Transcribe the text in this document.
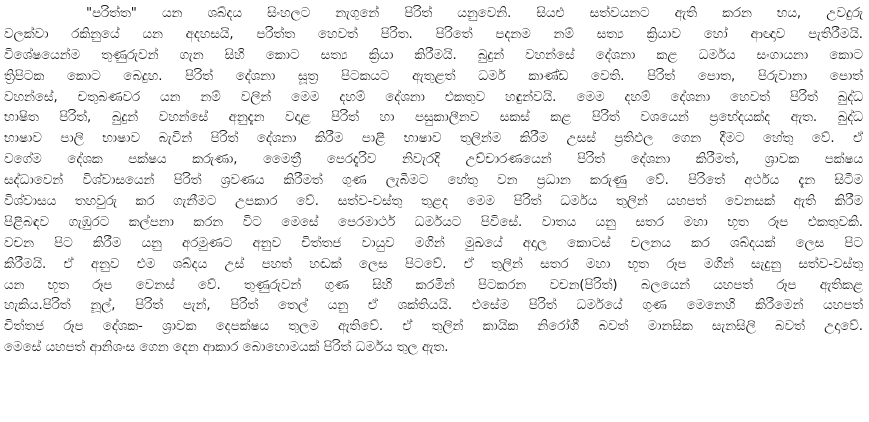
"පරිත්ත" යන ශබ්දය සිංහලට නැගුනේ පිරිත් යනුවෙනි. සියළු සත්වයනට ඇති කරන භය, උවදුරු
වලක්වා රකිනුයේ යන අදහසයි, පරිත්ත හෙවත් පිරිත. පිරිතේ පදනම නම් සත්‍ය ක්‍රියාව හෝ ආඥාව පැතිරීමයි.
විශේෂයෙන්ම තුණුරුවන් ගැන සිහි කොට සත්‍ය ක්‍රියා කිරීමයි. බුදුන් වහන්සේ දේශනා කළ ධර්මය සංගායනා කොට
ත්‍රිපිටක කොට බෙදුහ. පිරිත් දේශනා සූත්‍ර පිටකයට ඇතුළත් ධර්ම කාණ්ඩ වෙති. පිරිත් පොත, පිරුවානා පොත්
වහන්සේ, චතුබණවර යන නම් වලින් මෙම දහම් දේශනා එකතුව හඳුන්වයි. මෙම දහම් දේශනා හෙවත් පිරිත් බුද්ධ
භාෂිත පිරිත්, බුදුන් වහන්සේ අනුදැන වදාළ පිරිත් හා පසුකාලීනව සකස් කළ පිරිත් වශයෙන් ප්‍රභේදයක්ද ඇත. බුද්ධ
භාෂාව පාලි භාෂාව බැවින් පිරිත් දේශනා කිරීම පාළි භාෂාව තුලින්ම කිරීම උසස් ප්‍රතිඵල ගෙන දීමට හේතු වේ. ඒ
වගේම දේශක පක්ෂය කරුණා, මෛත්‍රී පෙරදැරිව නිවැරදි උච්චාරණයෙන් පිරිත් දේශනා කිරීමත්, ශ්‍රාවක පක්ෂය
සද්ධාවෙන් විශ්වාසයෙන් පිරිත් ශ්‍රවණය කිරීමත් ගුණ ලැබීමට හේතු වන ප්‍රධාන කරුණු වේ. පිරිතේ අර්ථය දැන සිටීම
විශ්වාසය තහවුරු කර ගැනීමට උපකාර වේ. සත්ව-වස්තු තුළද මෙම පිරිත් ධර්මය තුලින් යහපත් වෙනසක් ඇති කිරීම
පිළිබඳව ගැඹුරට කල්පනා කරන විට මෙසේ පෙරමාර්ථ ධර්මයට පිවිසේ. වාතය යනු සතර මහා භූත රූප එකතුවකි.
වචන පිට කිරීම යනු අරමුණට අනුව චිත්තජ වායුව මගින් මුඛයේ අදාල කොටස් චලනය කර ශබ්දයක් ලෙස පිට
කිරීමයි. ඒ අනුව එම ශබ්දය උස් පහත් හඬක් ලෙස පිටවේ. ඒ තුලින් සතර මහා භූත රූප මගින් සැදුනු සත්ව-වස්තු
යන භූත රූප වෙනස් වේ. තුණුරුවන් ගුණ සිහි කරමින් පිටකරන වචන(පිරිත්) බලයෙන් යහපත් රූප ඇතිකළ
හැකිය.පිරිත් නූල්, පිරිත් පැන්, පිරිත් තෙල් යනු ඒ ශක්තියයි. එසේම පිරිත් ධර්මයේ ගුණ මෙනෙහි කිරීමෙන් යහපත්
චිත්තජ රූප දේශක- ශ්‍රාවක දෙපක්ෂය තුලම ඇතිවේ. ඒ තුලින් කායික නිරෝගී බවත් මානසික සැනසිලි බවත් උදාවේ.
මෙසේ යහපත් ආනිශංස ගෙන දෙන ආකාර බොහොමයක් පිරිත් ධර්මය තුල ඇත.
